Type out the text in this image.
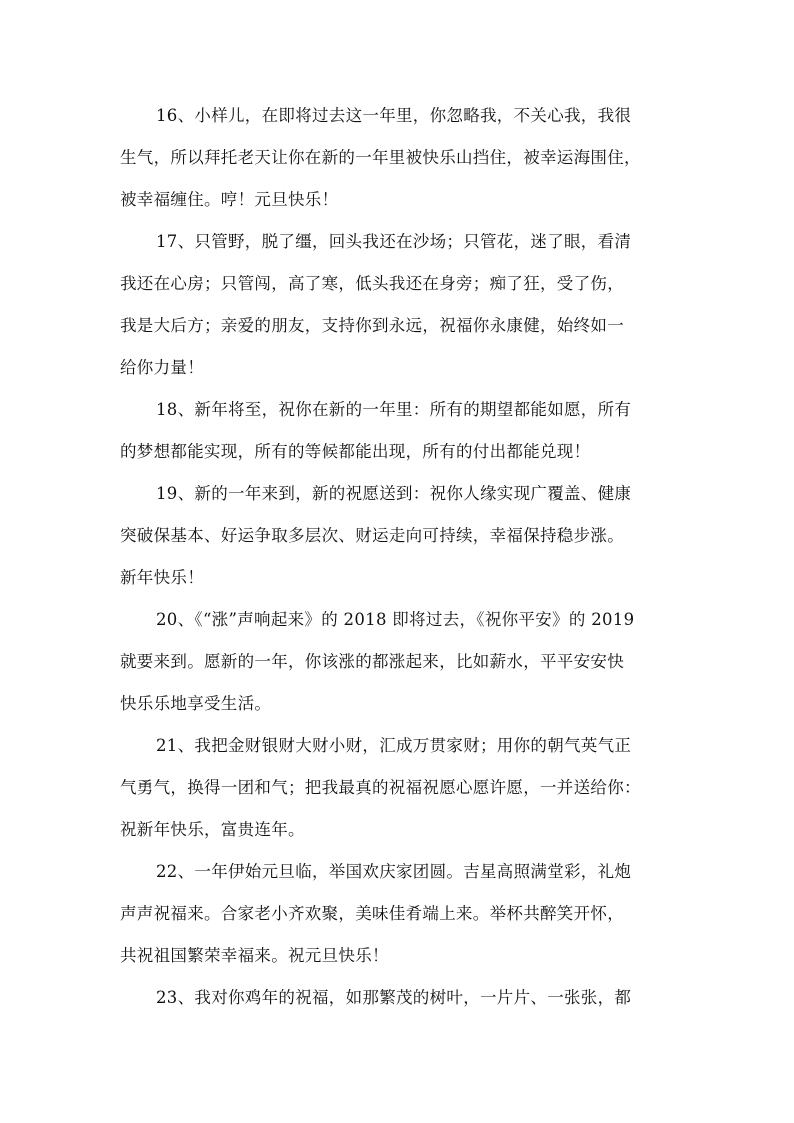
16、小样儿，在即将过去这一年里，你忽略我，不关心我，我很
生气，所以拜托老天让你在新的一年里被快乐山挡住，被幸运海围住，
被幸福缠住。哼！元旦快乐！
17、只管野，脱了缰，回头我还在沙场；只管花，迷了眼，看清
我还在心房；只管闯，高了寒，低头我还在身旁；痴了狂，受了伤，
我是大后方；亲爱的朋友，支持你到永远，祝福你永康健，始终如一
给你力量！
18、新年将至，祝你在新的一年里：所有的期望都能如愿，所有
的梦想都能实现，所有的等候都能出现，所有的付出都能兑现！
19、新的一年来到，新的祝愿送到：祝你人缘实现广覆盖、健康
突破保基本、好运争取多层次、财运走向可持续，幸福保持稳步涨。
新年快乐！
20、《“涨”声响起来》的 2018 即将过去，《祝你平安》的 2019
就要来到。愿新的一年，你该涨的都涨起来，比如薪水，平平安安快
快乐乐地享受生活。
21、我把金财银财大财小财，汇成万贯家财；用你的朝气英气正
气勇气，换得一团和气；把我最真的祝福祝愿心愿许愿，一并送给你：
祝新年快乐，富贵连年。
22、一年伊始元旦临，举国欢庆家团圆。吉星高照满堂彩，礼炮
声声祝福来。合家老小齐欢聚，美味佳肴端上来。举杯共醉笑开怀，
共祝祖国繁荣幸福来。祝元旦快乐！
23、我对你鸡年的祝福，如那繁茂的树叶，一片片、一张张，都
